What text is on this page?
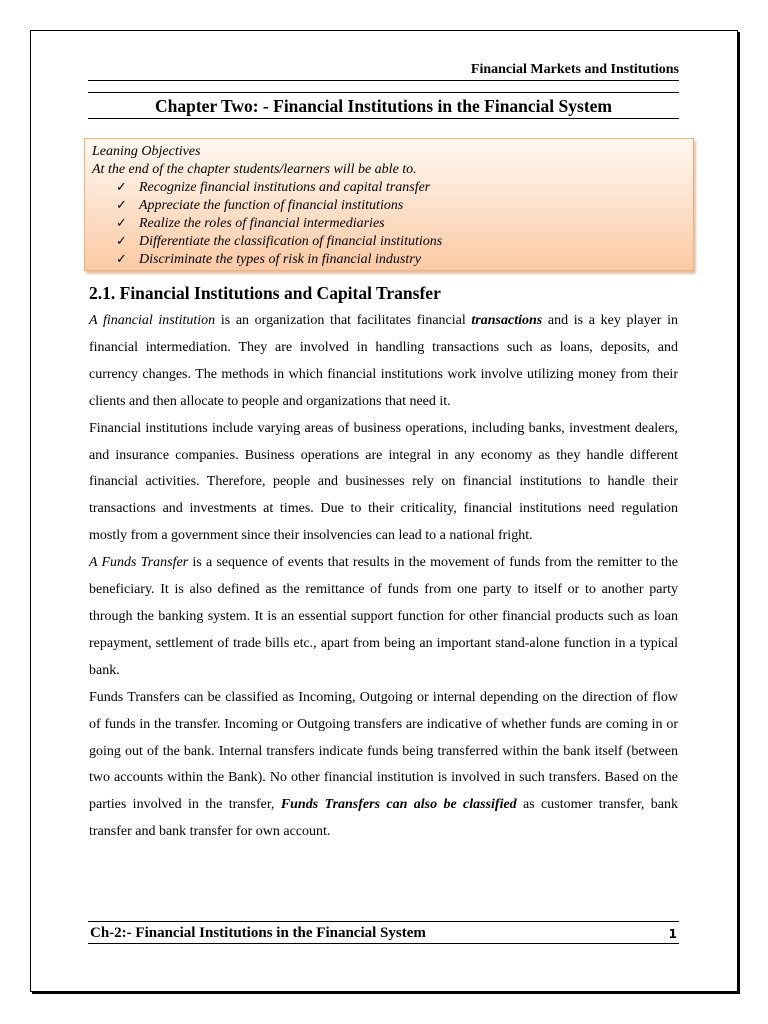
Financial Markets and Institutions
Chapter Two: - Financial Institutions in the Financial System
Leaning Objectives
At the end of the chapter students/learners will be able to.
✓ Recognize financial institutions and capital transfer
✓ Appreciate the function of financial institutions
✓ Realize the roles of financial intermediaries
✓ Differentiate the classification of financial institutions
✓ Discriminate the types of risk in financial industry
2.1. Financial Institutions and Capital Transfer

A financial institution is an organization that facilitates financial transactions and is a key player in financial intermediation. They are involved in handling transactions such as loans, deposits, and currency changes. The methods in which financial institutions work involve utilizing money from their clients and then allocate to people and organizations that need it.

Financial institutions include varying areas of business operations, including banks, investment dealers, and insurance companies. Business operations are integral in any economy as they handle different financial activities. Therefore, people and businesses rely on financial institutions to handle their transactions and investments at times. Due to their criticality, financial institutions need regulation mostly from a government since their insolvencies can lead to a national fright.

A Funds Transfer is a sequence of events that results in the movement of funds from the remitter to the beneficiary. It is also defined as the remittance of funds from one party to itself or to another party through the banking system. It is an essential support function for other financial products such as loan repayment, settlement of trade bills etc., apart from being an important stand-alone function in a typical bank.

Funds Transfers can be classified as Incoming, Outgoing or internal depending on the direction of flow of funds in the transfer. Incoming or Outgoing transfers are indicative of whether funds are coming in or going out of the bank. Internal transfers indicate funds being transferred within the bank itself (between two accounts within the Bank). No other financial institution is involved in such transfers. Based on the parties involved in the transfer, Funds Transfers can also be classified as customer transfer, bank transfer and bank transfer for own account.

Ch-2:- Financial Institutions in the Financial System	1
